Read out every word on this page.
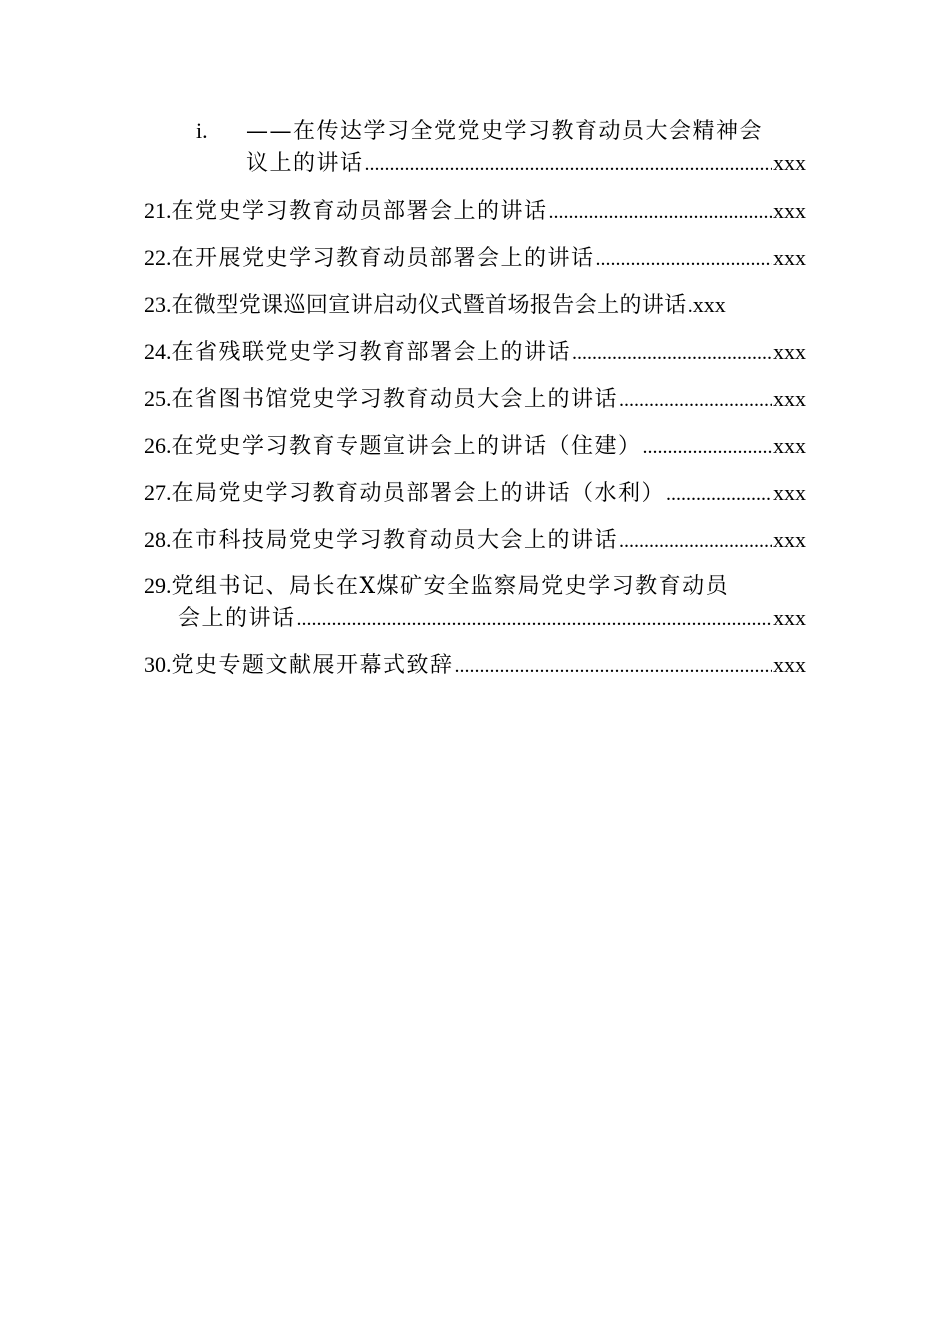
i.	——在传达学习全党党史学习教育动员大会精神会
议上的讲话 .....	xxx
21. 在党史学习教育动员部署会上的讲话 .....	xxx
22. 在开展党史学习教育动员部署会上的讲话 .....	xxx
23. 在微型党课巡回宣讲启动仪式暨首场报告会上的讲话 ..... xxx
24. 在省残联党史学习教育部署会上的讲话 .....	xxx
25. 在省图书馆党史学习教育动员大会上的讲话 .....	xxx
26. 在党史学习教育专题宣讲会上的讲话（住建） .....	xxx
27. 在局党史学习教育动员部署会上的讲话（水利） .....	xxx
28. 在市科技局党史学习教育动员大会上的讲话 .....	xxx
29. 党组书记、局长在X煤矿安全监察局党史学习教育动员
会上的讲话 .....	xxx
30. 党史专题文献展开幕式致辞 .....	xxx
